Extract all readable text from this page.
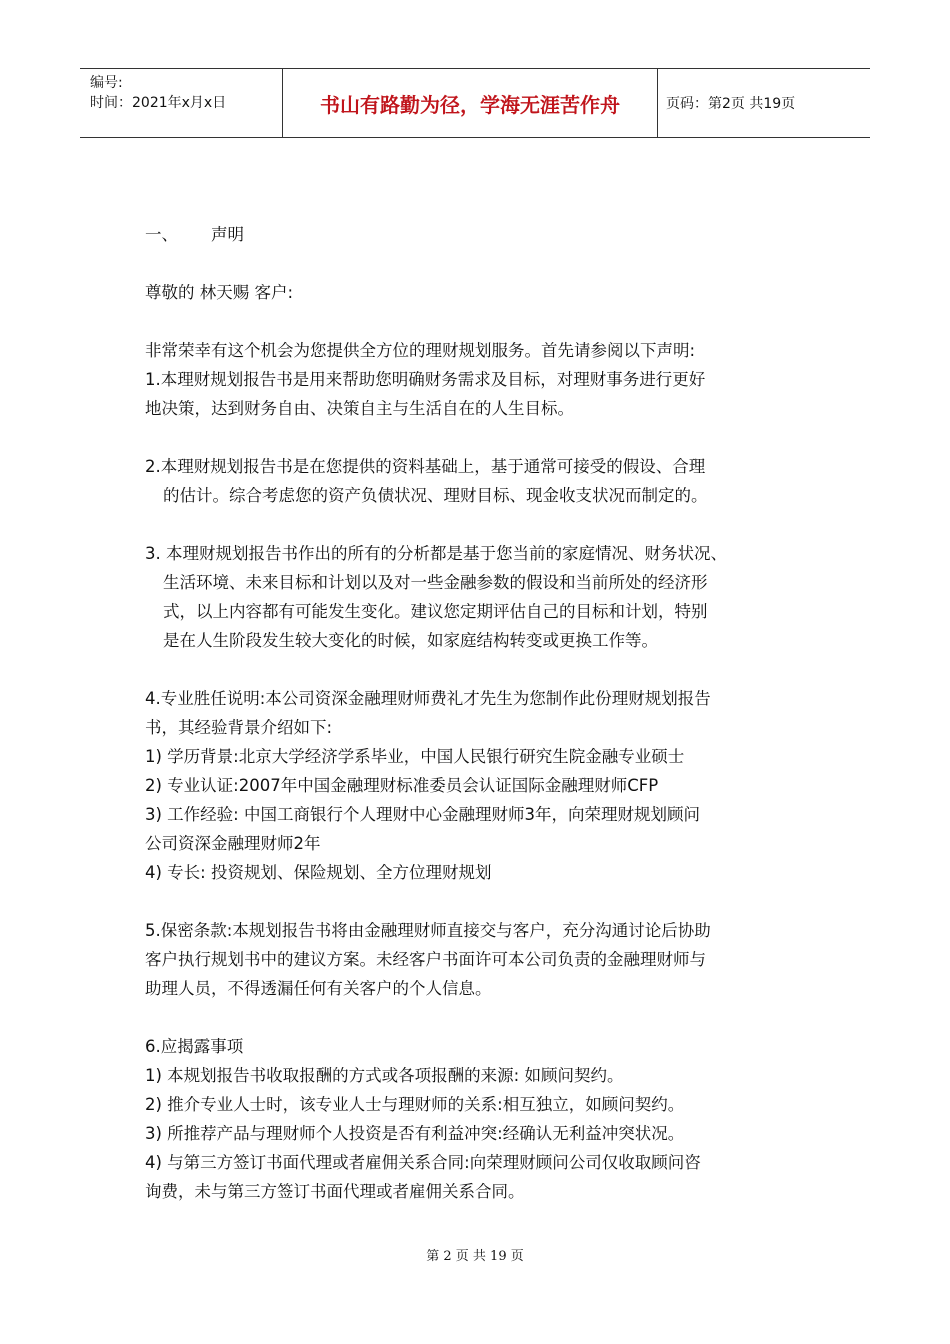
编号:
时间：2021年x月x日	书山有路勤为径，学海无涯苦作舟	页码：第2页 共19页
一、 声明
尊敬的 林天赐 客户:
非常荣幸有这个机会为您提供全方位的理财规划服务。首先请参阅以下声明:
1.本理财规划报告书是用来帮助您明确财务需求及目标，对理财事务进行更好
地决策，达到财务自由、决策自主与生活自在的人生目标。
2.本理财规划报告书是在您提供的资料基础上，基于通常可接受的假设、合理
的估计。综合考虑您的资产负债状况、理财目标、现金收支状况而制定的。
3. 本理财规划报告书作出的所有的分析都是基于您当前的家庭情况、财务状况、
生活环境、未来目标和计划以及对一些金融参数的假设和当前所处的经济形
式，以上内容都有可能发生变化。建议您定期评估自己的目标和计划，特别
是在人生阶段发生较大变化的时候，如家庭结构转变或更换工作等。
4.专业胜任说明:本公司资深金融理财师费礼才先生为您制作此份理财规划报告
书，其经验背景介绍如下:
1) 学历背景:北京大学经济学系毕业，中国人民银行研究生院金融专业硕士
2) 专业认证:2007年中国金融理财标准委员会认证国际金融理财师CFP
3) 工作经验: 中国工商银行个人理财中心金融理财师3年，向荣理财规划顾问
公司资深金融理财师2年
4) 专长: 投资规划、保险规划、全方位理财规划
5.保密条款:本规划报告书将由金融理财师直接交与客户，充分沟通讨论后协助
客户执行规划书中的建议方案。未经客户书面许可本公司负责的金融理财师与
助理人员，不得透漏任何有关客户的个人信息。
6.应揭露事项
1) 本规划报告书收取报酬的方式或各项报酬的来源: 如顾问契约。
2) 推介专业人士时，该专业人士与理财师的关系:相互独立，如顾问契约。
3) 所推荐产品与理财师个人投资是否有利益冲突:经确认无利益冲突状况。
4) 与第三方签订书面代理或者雇佣关系合同:向荣理财顾问公司仅收取顾问咨
询费，未与第三方签订书面代理或者雇佣关系合同。
第 2 页 共 19 页
